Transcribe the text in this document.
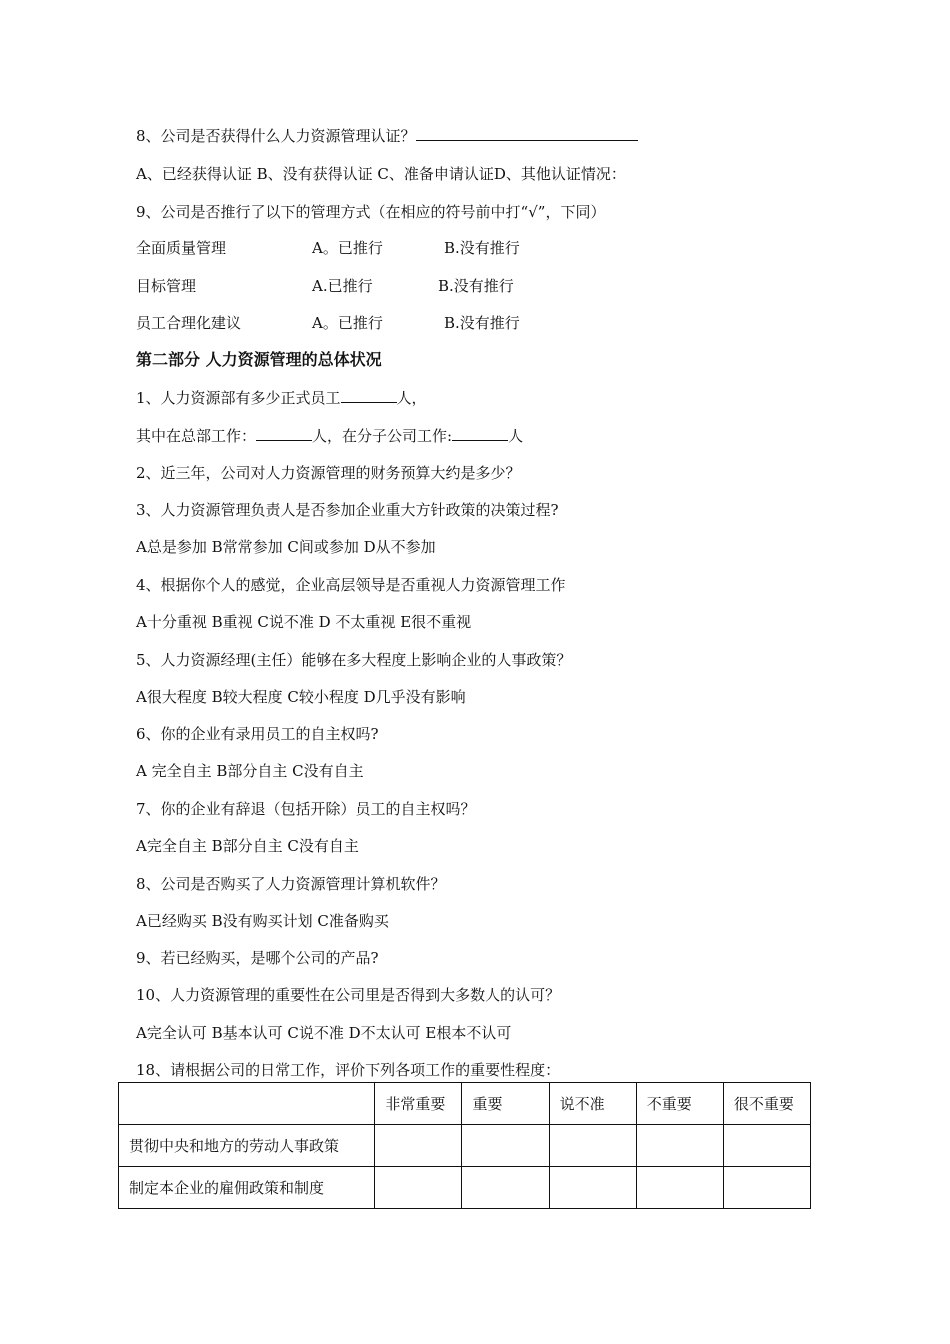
8、公司是否获得什么人力资源管理认证？
A、已经获得认证 B、没有获得认证 C、准备申请认证D、其他认证情况：
9、公司是否推行了以下的管理方式（在相应的符号前中打“√”，下同）
全面质量管理	A。已推行	B.没有推行
目标管理	A.已推行	B.没有推行
员工合理化建议	A。已推行	B.没有推行
第二部分 人力资源管理的总体状况
1、人力资源部有多少正式员工	人，
其中在总部工作：	人，在分子公司工作:	人
2、近三年，公司对人力资源管理的财务预算大约是多少？
3、人力资源管理负责人是否参加企业重大方针政策的决策过程?
A总是参加 B常常参加 C间或参加 D从不参加
4、根据你个人的感觉，企业高层领导是否重视人力资源管理工作
A十分重视 B重视 C说不准 D 不太重视 E很不重视
5、人力资源经理(主任）能够在多大程度上影响企业的人事政策？
A很大程度 B较大程度 C较小程度 D几乎没有影响
6、你的企业有录用员工的自主权吗?
A 完全自主 B部分自主 C没有自主
7、你的企业有辞退（包括开除）员工的自主权吗？
A完全自主 B部分自主 C没有自主
8、公司是否购买了人力资源管理计算机软件？
A已经购买 B没有购买计划 C准备购买
9、若已经购买，是哪个公司的产品?
10、人力资源管理的重要性在公司里是否得到大多数人的认可？
A完全认可 B基本认可 C说不准 D不太认可 E根本不认可
18、请根据公司的日常工作，评价下列各项工作的重要性程度：
	非常重要	重要	说不准	不重要	很不重要
贯彻中央和地方的劳动人事政策					
制定本企业的雇佣政策和制度					
